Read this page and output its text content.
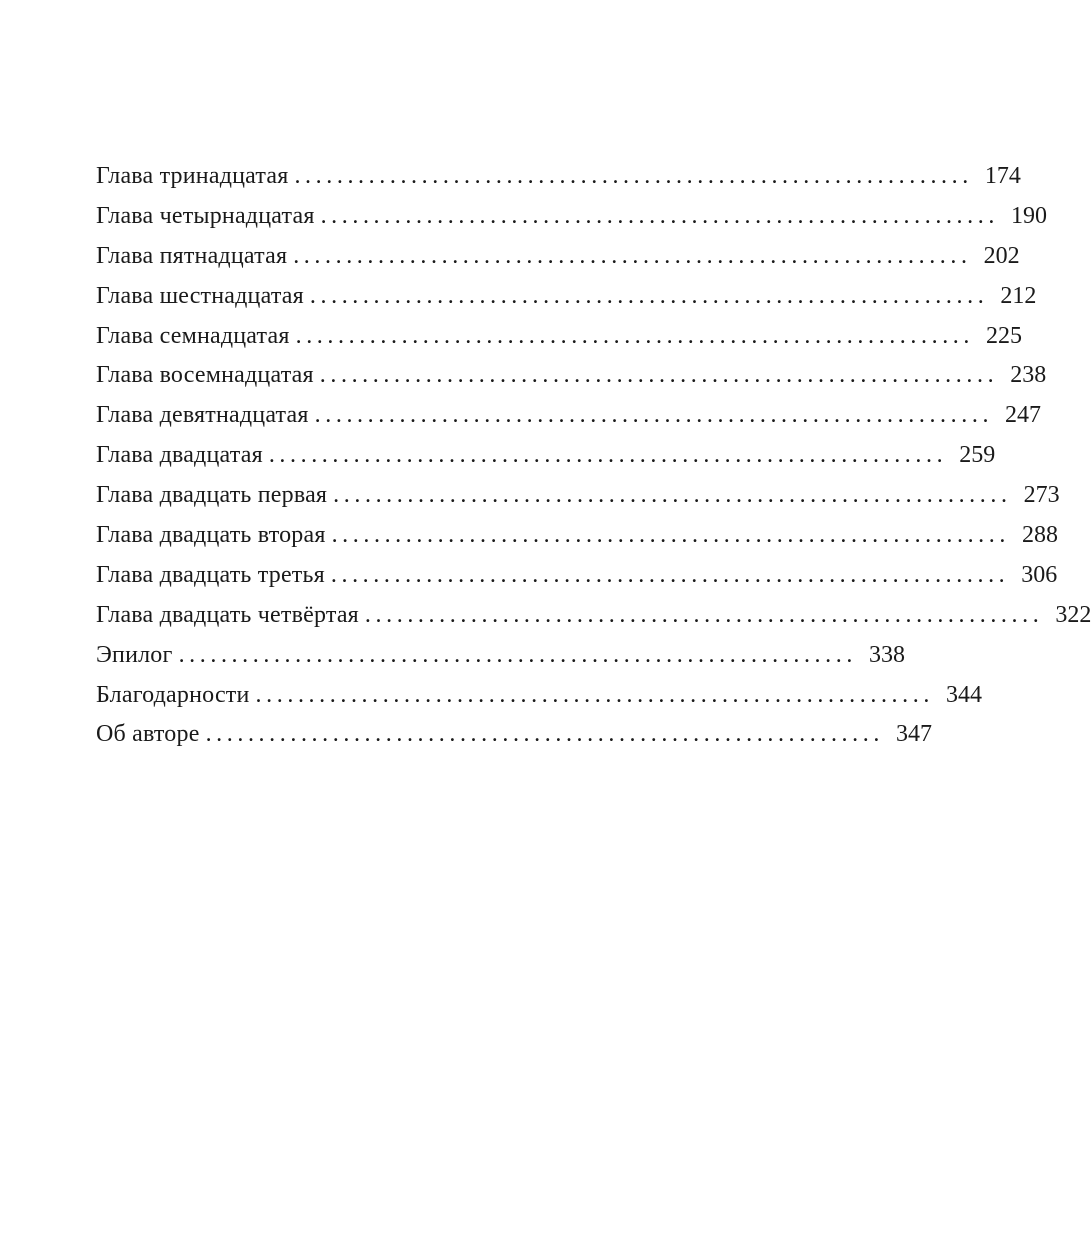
Глава тринадцатая ................................................................ 174
Глава четырнадцатая ................................................................ 190
Глава пятнадцатая ................................................................ 202
Глава шестнадцатая ................................................................ 212
Глава семнадцатая ................................................................ 225
Глава восемнадцатая ................................................................ 238
Глава девятнадцатая ................................................................ 247
Глава двадцатая ................................................................ 259
Глава двадцать первая ................................................................ 273
Глава двадцать вторая ................................................................ 288
Глава двадцать третья ................................................................ 306
Глава двадцать четвёртая ................................................................ 322
Эпилог ................................................................ 338
Благодарности ................................................................ 344
Об авторе ................................................................ 347
